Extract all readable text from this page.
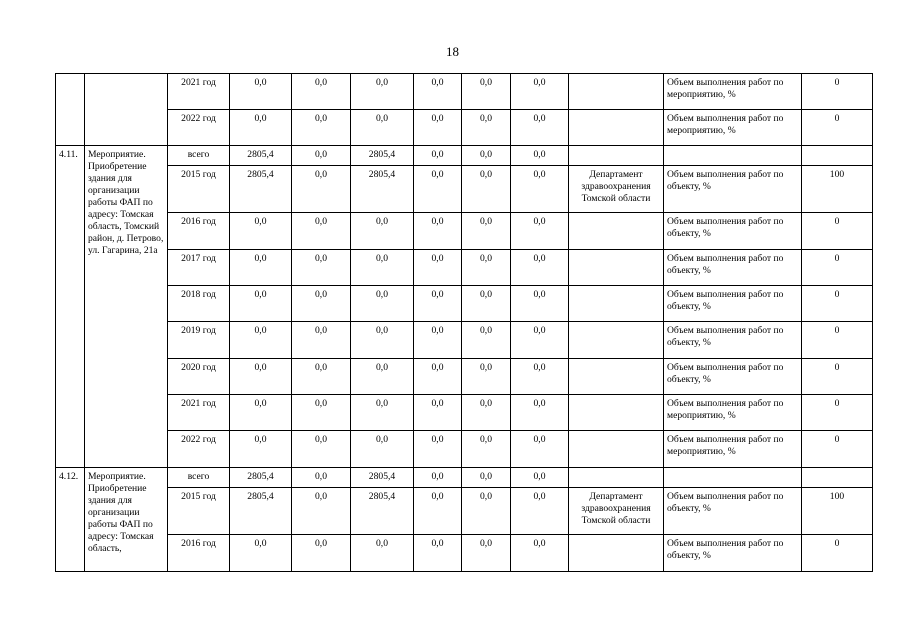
18
		2021 год	0,0	0,0	0,0	0,0	0,0	0,0		Объем выполнения работ по мероприятию, %	0
		2022 год	0,0	0,0	0,0	0,0	0,0	0,0		Объем выполнения работ по мероприятию, %	0
4.11.	Мероприятие. Приобретение здания для организации работы ФАП по адресу: Томская область, Томский район, д. Петрово, ул. Гагарина, 21а	всего	2805,4	0,0	2805,4	0,0	0,0	0,0			
		2015 год	2805,4	0,0	2805,4	0,0	0,0	0,0	Департамент здравоохранения Томской области	Объем выполнения работ по объекту, %	100
		2016 год	0,0	0,0	0,0	0,0	0,0	0,0		Объем выполнения работ по объекту, %	0
		2017 год	0,0	0,0	0,0	0,0	0,0	0,0		Объем выполнения работ по объекту, %	0
		2018 год	0,0	0,0	0,0	0,0	0,0	0,0		Объем выполнения работ по объекту, %	0
		2019 год	0,0	0,0	0,0	0,0	0,0	0,0		Объем выполнения работ по объекту, %	0
		2020 год	0,0	0,0	0,0	0,0	0,0	0,0		Объем выполнения работ по объекту, %	0
		2021 год	0,0	0,0	0,0	0,0	0,0	0,0		Объем выполнения работ по мероприятию, %	0
		2022 год	0,0	0,0	0,0	0,0	0,0	0,0		Объем выполнения работ по мероприятию, %	0
4.12.	Мероприятие. Приобретение здания для организации работы ФАП по адресу: Томская область,	всего	2805,4	0,0	2805,4	0,0	0,0	0,0			
		2015 год	2805,4	0,0	2805,4	0,0	0,0	0,0	Департамент здравоохранения Томской области	Объем выполнения работ по объекту, %	100
		2016 год	0,0	0,0	0,0	0,0	0,0	0,0		Объем выполнения работ по объекту, %	0
